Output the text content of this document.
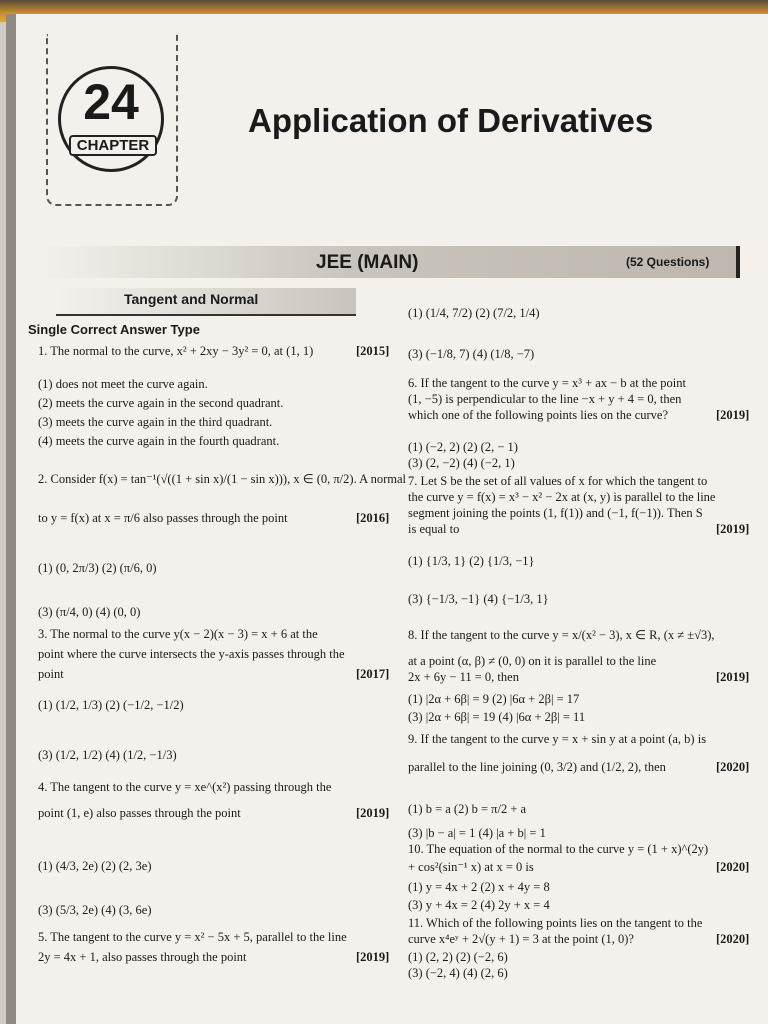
24
CHAPTER
Application of Derivatives
JEE (MAIN)	(52 Questions)
Tangent and Normal
Single Correct Answer Type
1. The normal to the curve, x² + 2xy − 3y² = 0, at (1, 1)	[2015]
(1) does not meet the curve again.
(2) meets the curve again in the second quadrant.
(3) meets the curve again in the third quadrant.
(4) meets the curve again in the fourth quadrant.
2. Consider f(x) = tan⁻¹(√((1 + sin x)/(1 − sin x))), x ∈ (0, π/2). A normal
to y = f(x) at x = π/6 also passes through the point	[2016]
(1) (0, 2π/3) (2) (π/6, 0)
(3) (π/4, 0) (4) (0, 0)
3. The normal to the curve y(x − 2)(x − 3) = x + 6 at the
point where the curve intersects the y-axis passes through the
point	[2017]
(1) (1/2, 1/3) (2) (−1/2, −1/2)
(3) (1/2, 1/2) (4) (1/2, −1/3)
4. The tangent to the curve y = xe^(x²) passing through the
point (1, e) also passes through the point	[2019]
(1) (4/3, 2e) (2) (2, 3e)
(3) (5/3, 2e) (4) (3, 6e)
5. The tangent to the curve y = x² − 5x + 5, parallel to the line
2y = 4x + 1, also passes through the point	[2019]
(1) (1/4, 7/2) (2) (7/2, 1/4)
(3) (−1/8, 7) (4) (1/8, −7)
6. If the tangent to the curve y = x³ + ax − b at the point
(1, −5) is perpendicular to the line −x + y + 4 = 0, then
which one of the following points lies on the curve?	[2019]
(1) (−2, 2) (2) (2, − 1)
(3) (2, −2) (4) (−2, 1)
7. Let S be the set of all values of x for which the tangent to
the curve y = f(x) = x³ − x² − 2x at (x, y) is parallel to the line
segment joining the points (1, f(1)) and (−1, f(−1)). Then S
is equal to	[2019]
(1) {1/3, 1} (2) {1/3, −1}
(3) {−1/3, −1} (4) {−1/3, 1}
8. If the tangent to the curve y = x/(x² − 3), x ∈ R, (x ≠ ±√3),
at a point (α, β) ≠ (0, 0) on it is parallel to the line
2x + 6y − 11 = 0, then	[2019]
(1) |2α + 6β| = 9 (2) |6α + 2β| = 17
(3) |2α + 6β| = 19 (4) |6α + 2β| = 11
9. If the tangent to the curve y = x + sin y at a point (a, b) is
parallel to the line joining (0, 3/2) and (1/2, 2), then	[2020]
(1) b = a (2) b = π/2 + a
(3) |b − a| = 1 (4) |a + b| = 1
10. The equation of the normal to the curve y = (1 + x)^(2y)
+ cos²(sin⁻¹ x) at x = 0 is	[2020]
(1) y = 4x + 2 (2) x + 4y = 8
(3) y + 4x = 2 (4) 2y + x = 4
11. Which of the following points lies on the tangent to the
curve x⁴eʸ + 2√(y + 1) = 3 at the point (1, 0)?	[2020]
(1) (2, 2) (2) (−2, 6)
(3) (−2, 4) (4) (2, 6)
